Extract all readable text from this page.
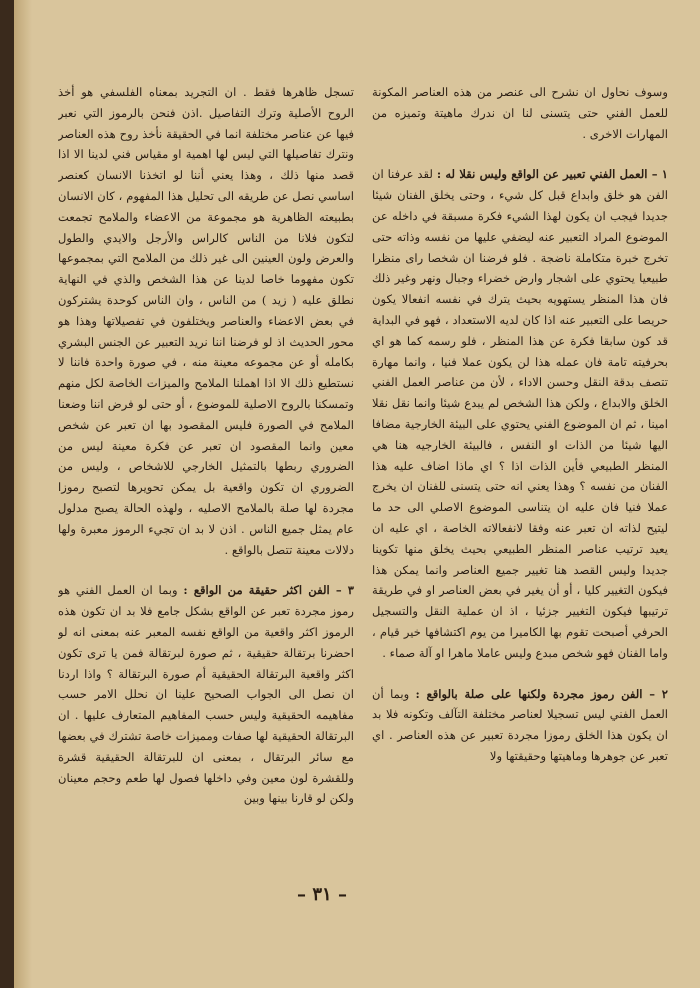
وسوف نحاول ان نشرح الى عنصر من هذه العناصر المكونة للعمل الفني حتى يتسنى لنا ان ندرك ماهيتة وتميزه من المهارات الاخرى .

١ – العمل الفني تعبير عن الواقع وليس نقلا له : لقد عرفنا ان الفن هو خلق وابداع قبل كل شيء ، وحتى يخلق الفنان شيئا جديدا فيجب ان يكون لهذا الشيء فكرة مسبقة في داخله عن الموضوع المراد التعبير عنه ليضفي عليها من نفسه وذاته حتى تخرج خبرة متكاملة ناضجة . فلو فرضنا ان شخصا راى منظرا طبيعيا يحتوي على اشجار وارض خضراء وجبال ونهر وغير ذلك فان هذا المنظر يستهويه بحيث يترك في نفسه انفعالا يكون حريصا على التعبير عنه اذا كان لديه الاستعداد ، فهو في البداية قد كون سابقا فكرة عن هذا المنظر ، فلو رسمه كما هو اي بحرفيته تامة فان عمله هذا لن يكون عملا فنيا ، وانما مهارة تتصف بدقة النقل وحسن الاداء ، لأن من عناصر العمل الفني الخلق والابداع ، ولكن هذا الشخص لم يبدع شيئا وانما نقل نقلا امينا ، ثم ان الموضوع الفني يحتوي على البيئة الخارجية مضافا اليها شيئا من الذات او النفس ، فالبيئة الخارجيه هنا هي المنظر الطبيعي فأين الذات اذا ؟ اي ماذا اضاف عليه هذا الفنان من نفسه ؟ وهذا يعني انه حتى يتسنى للفنان ان يخرج عملا فنيا فان عليه ان يتناسى الموضوع الاصلي الى حد ما ليتيح لذاته ان تعبر عنه وفقا لانفعالاته الخاصة ، اي عليه ان يعيد ترتيب عناصر المنظر الطبيعي بحيث يخلق منها تكوينا جديدا وليس القصد هنا تغيير جميع العناصر وانما يمكن هذا فيكون التغيير كليا ، أو أن يغير في بعض العناصر او في طريقة ترتيبها فيكون التغيير جزئيا ، اذ ان عملية النقل والتسجيل الحرفي أصبحت تقوم بها الكاميرا من يوم اكتشافها خير قيام ، واما الفنان فهو شخص مبدع وليس عاملا ماهرا او آلة صماء .

٢ – الفن رموز مجردة ولكنها على صلة بالواقع : وبما أن العمل الفني ليس تسجيلا لعناصر مختلفة التآلف وتكونه فلا بد ان يكون هذا الخلق رموزا مجردة تعبير عن هذه العناصر . اي تعبر عن جوهرها وماهيتها وحقيقتها ولا

تسجل ظاهرها فقط . ان التجريد بمعناه الفلسفي هو أخذ الروح الأصلية وترك التفاصيل .اذن فنحن بالرموز التي نعبر فيها عن عناصر مختلفة انما في الحقيقة نأخذ روح هذه العناصر ونترك تفاصيلها التي ليس لها اهمية او مقياس فني لدينا الا اذا قصد منها ذلك ، وهذا يعني أننا لو اتخذنا الانسان كعنصر اساسي نصل عن طريقه الى تحليل هذا المفهوم ، كان الانسان بطبيعته الظاهرية هو مجموعة من الاعضاء والملامح تجمعت لتكون فلانا من الناس كالراس والأرجل والايدي والطول والعرض ولون العينين الى غير ذلك من الملامح التي بمجموعها تكون مفهوما خاصا لدينا عن هذا الشخص والذي في النهاية نطلق عليه ( زيد ) من الناس ، وان الناس كوحدة يشتركون في بعض الاعضاء والعناصر ويختلفون في تفصيلاتها وهذا هو محور الحديث اذ لو فرضنا اننا نريد التعبير عن الجنس البشري بكامله أو عن مجموعه معينة منه ، في صورة واحدة فاننا لا نستطيع ذلك الا اذا اهملنا الملامح والميزات الخاصة لكل منهم وتمسكنا بالروح الاصلية للموضوع ، أو حتى لو فرض اننا وضعنا الملامح في الصورة فليس المقصود بها ان تعبر عن شخص معين وانما المقصود ان تعبر عن فكرة معينة ليس من الضروري ربطها بالتمثيل الخارجي للاشخاص ، وليس من الضروري ان تكون واقعية بل يمكن تحويرها لتصبح رموزا مجردة لها صلة بالملامح الاصليه ، ولهذه الحالة يصبح مدلول عام يمثل جميع الناس . اذن لا بد ان تجيء الرموز معبرة ولها دلالات معينة تتصل بالواقع .

٣ – الفن اكثر حقيقة من الواقع : وبما ان العمل الفني هو رموز مجردة تعبر عن الواقع بشكل جامع فلا بد ان تكون هذه الرموز اكثر واقعية من الواقع نفسه المعبر عنه بمعنى انه لو احضرنا برتقالة حقيقية ، ثم صورة لبرتقالة فمن يا ترى تكون اكثر واقعية البرتقالة الحقيقية أم صورة البرتقالة ؟ واذا اردنا ان نصل الى الجواب الصحيح علينا ان نحلل الامر حسب مفاهيمه الحقيقية وليس حسب المفاهيم المتعارف عليها . ان البرتقالة الحقيقية لها صفات ومميزات خاصة تشترك في بعضها مع سائر البرتقال ، بمعنى ان للبرتقالة الحقيقية قشرة وللقشرة لون معين وفي داخلها فصول لها طعم وحجم معينان ولكن لو قارنا بينها وبين

– ٣١ –
